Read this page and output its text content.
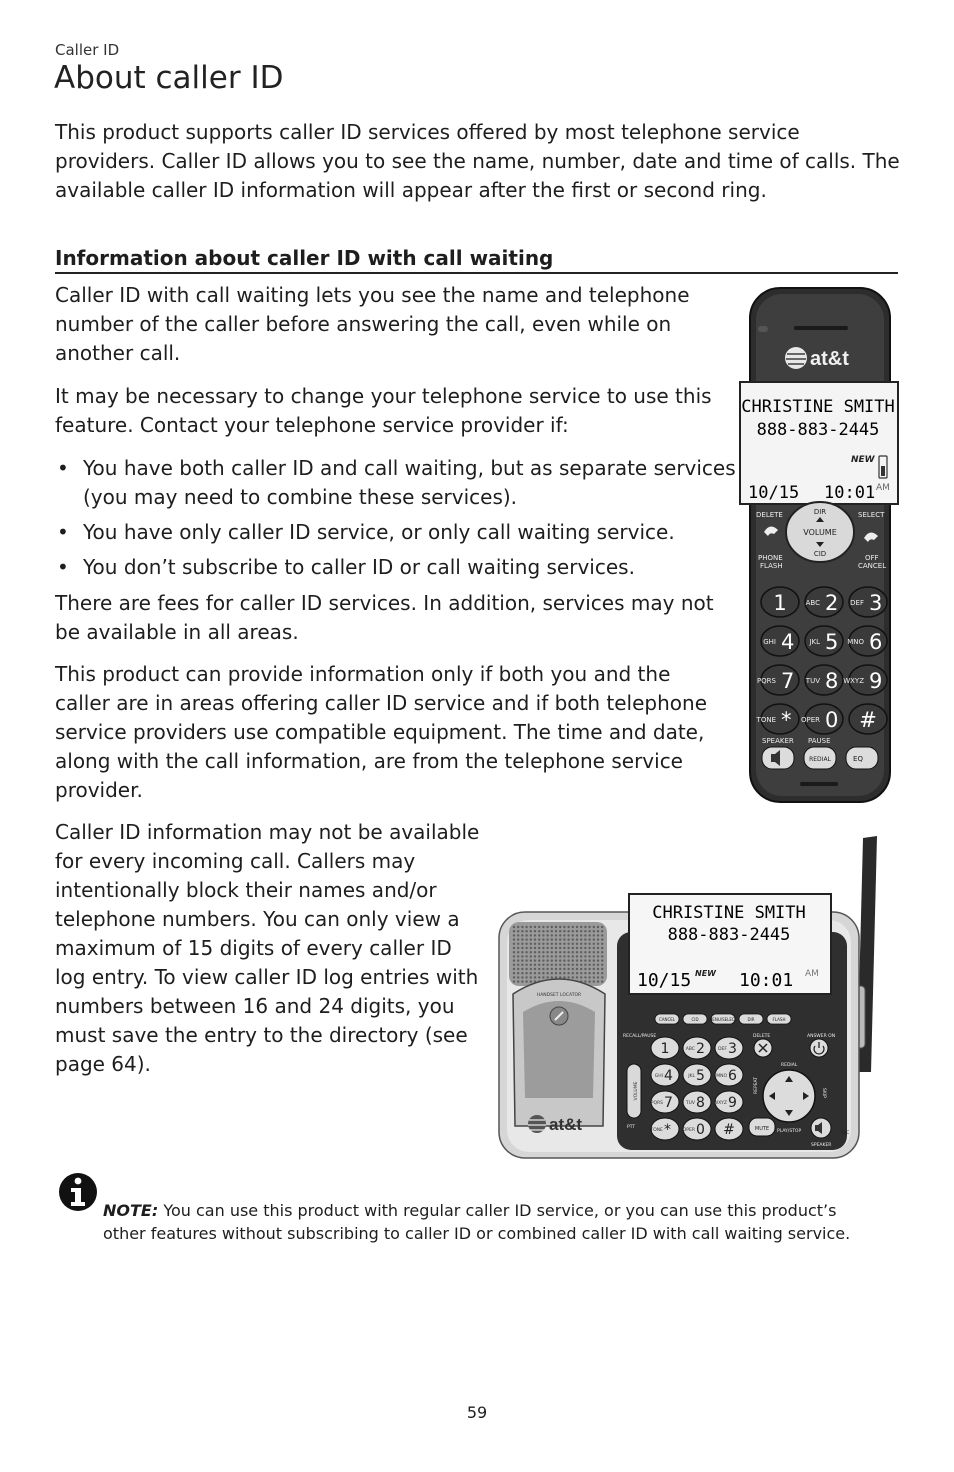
Caller ID
About caller ID

This product supports caller ID services offered by most telephone service providers. Caller ID allows you to see the name, number, date and time of calls. The available caller ID information will appear after the first or second ring.

Information about caller ID with call waiting

Caller ID with call waiting lets you see the name and telephone number of the caller before answering the call, even while on another call.

It may be necessary to change your telephone service to use this feature. Contact your telephone service provider if:

• You have both caller ID and call waiting, but as separate services (you may need to combine these services).
• You have only caller ID service, or only call waiting service.
• You don’t subscribe to caller ID or call waiting services.

There are fees for caller ID services. In addition, services may not be available in all areas.

This product can provide information only if both you and the caller are in areas offering caller ID service and if both telephone service providers use compatible equipment. The time and date, along with the call information, are from the telephone service provider.

Caller ID information may not be available for every incoming call. Callers may intentionally block their names and/or telephone numbers. You can only view a maximum of 15 digits of every caller ID log entry. To view caller ID log entries with numbers between 16 and 24 digits, you must save the entry to the directory (see page 64).

at&t
CHRISTINE SMITH
888-883-2445
NEW
10/15 10:01 AM
DELETE	SELECT
DIR
VOLUME
CID
PHONE
FLASH
OFF
CANCEL
1	ABC 2 DEF 3
GHI 4 JKL 5 MNO 6
PQRS 7 TUV 8 WXYZ 9
TONE * OPER 0 #
SPEAKER PAUSE
REDIAL	EQ
HANDSET LOCATOR
at&t
CHRISTINE SMITH
888-883-2445
10/15 NEW 10:01 AM
CANCEL	CID	MENU/SELECT	DIR	FLASH
RECALL/PAUSE	DELETE	ANSWER ON
1	ABC 2	DEF 3
GHI 4	JKL 5	MNO 6
PQRS 7	TUV 8 WXYZ 9
TONE *	OPER 0 #
VOLUME
PTT
REDIAL
REPEAT	SKIP
PLAY/STOP
MUTE
SPEAKER
MIC

NOTE: You can use this product with regular caller ID service, or you can use this product’s other features without subscribing to caller ID or combined caller ID with call waiting service.

59
